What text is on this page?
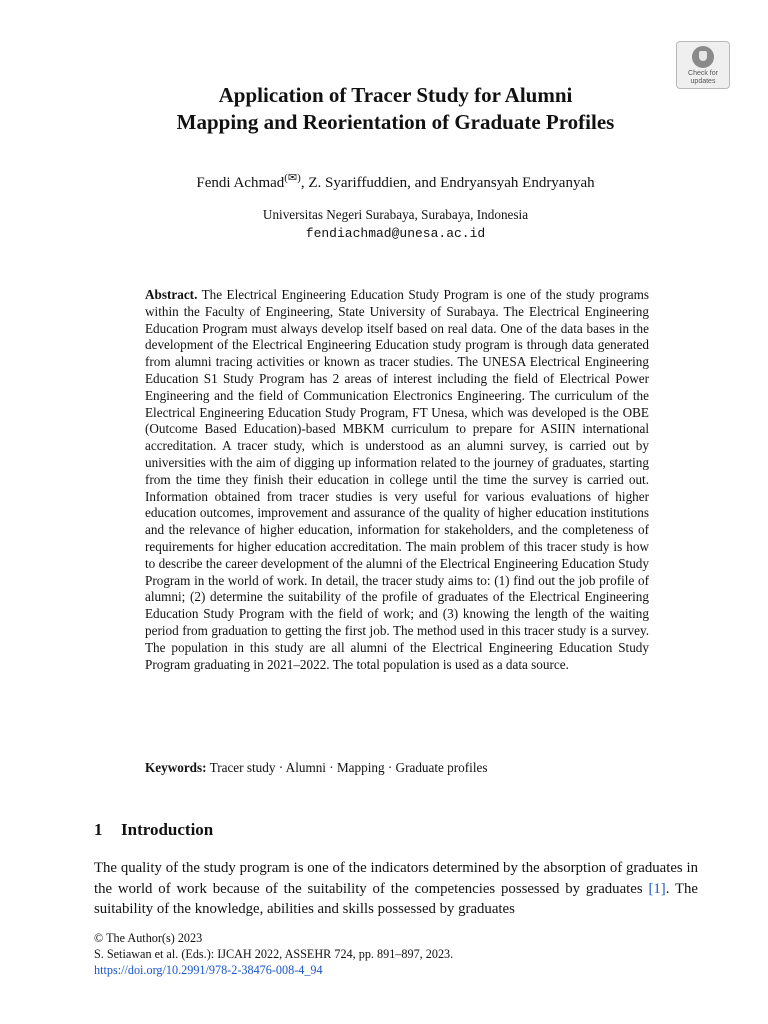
Check for
updates
Application of Tracer Study for Alumni
Mapping and Reorientation of Graduate Profiles
Fendi Achmad(✉), Z. Syariffuddien, and Endryansyah Endryanyah
Universitas Negeri Surabaya, Surabaya, Indonesia
fendiachmad@unesa.ac.id

Abstract. The Electrical Engineering Education Study Program is one of the study programs within the Faculty of Engineering, State University of Surabaya. The Electrical Engineering Education Program must always develop itself based on real data. One of the data bases in the development of the Electrical Engineering Education study program is through data generated from alumni tracing activities or known as tracer studies. The UNESA Electrical Engineering Education S1 Study Program has 2 areas of interest including the field of Electrical Power Engineering and the field of Communication Electronics Engineering. The curriculum of the Electrical Engineering Education Study Program, FT Unesa, which was developed is the OBE (Outcome Based Education)-based MBKM curriculum to prepare for ASIIN international accreditation. A tracer study, which is understood as an alumni survey, is carried out by universities with the aim of digging up information related to the journey of graduates, starting from the time they finish their education in college until the time the survey is carried out. Information obtained from tracer studies is very useful for various evaluations of higher education outcomes, improvement and assurance of the quality of higher education institutions and the relevance of higher education, information for stakeholders, and the completeness of requirements for higher education accreditation. The main problem of this tracer study is how to describe the career development of the alumni of the Electrical Engineering Education Study Program in the world of work. In detail, the tracer study aims to: (1) find out the job profile of alumni; (2) determine the suitability of the profile of graduates of the Electrical Engineering Education Study Program with the field of work; and (3) knowing the length of the waiting period from graduation to getting the first job. The method used in this tracer study is a survey. The population in this study are all alumni of the Electrical Engineering Education Study Program graduating in 2021–2022. The total population is used as a data source.

Keywords: Tracer study · Alumni · Mapping · Graduate profiles

1 Introduction

The quality of the study program is one of the indicators determined by the absorption of graduates in the world of work because of the suitability of the competencies possessed by graduates [1]. The suitability of the knowledge, abilities and skills possessed by graduates

© The Author(s) 2023
S. Setiawan et al. (Eds.): IJCAH 2022, ASSEHR 724, pp. 891–897, 2023.
https://doi.org/10.2991/978-2-38476-008-4_94
